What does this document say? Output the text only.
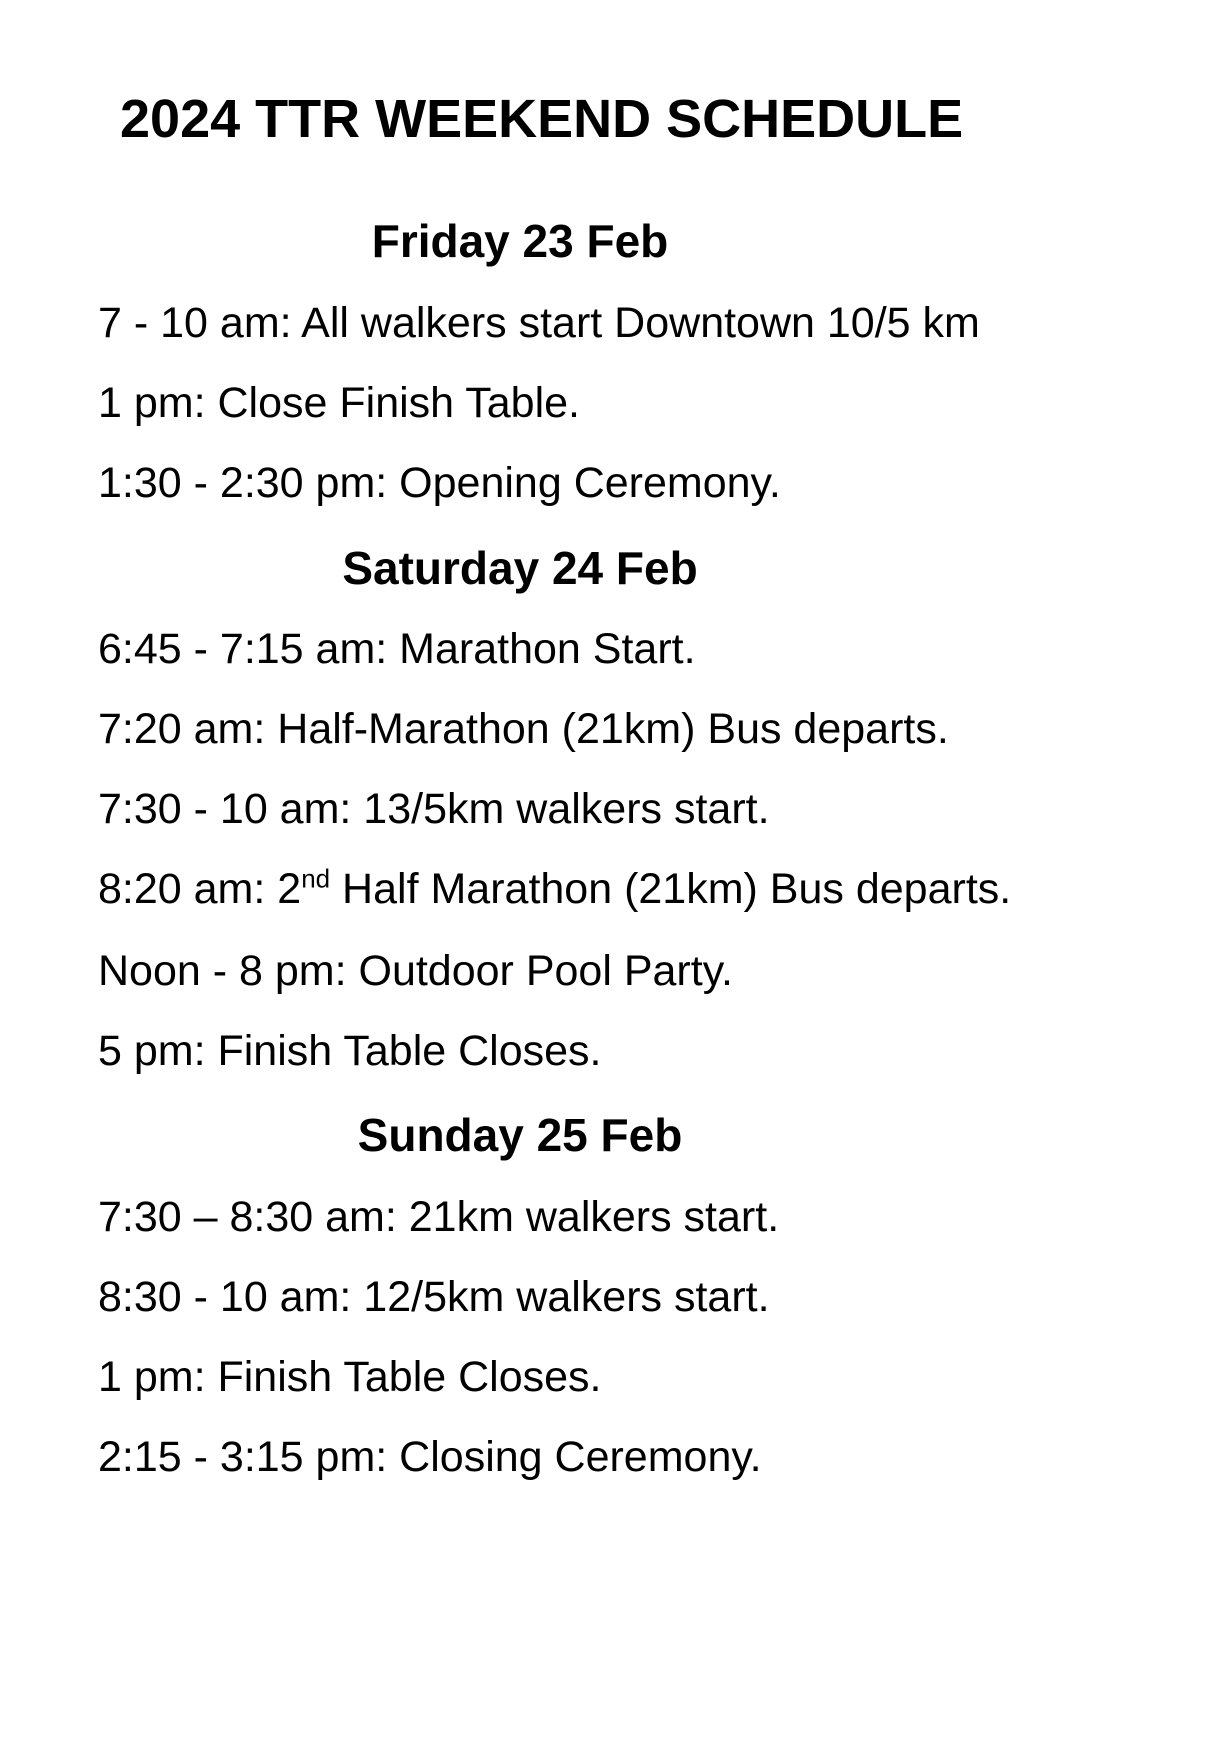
2024 TTR WEEKEND SCHEDULE
Friday 23 Feb
7 - 10 am: All walkers start Downtown 10/5 km
1 pm: Close Finish Table.
1:30 - 2:30 pm: Opening Ceremony.
Saturday 24 Feb
6:45 - 7:15 am: Marathon Start.
7:20 am: Half-Marathon (21km) Bus departs.
7:30 - 10 am: 13/5km walkers start.
8:20 am: 2nd Half Marathon (21km) Bus departs.
Noon - 8 pm: Outdoor Pool Party.
5 pm: Finish Table Closes.
Sunday 25 Feb
7:30 – 8:30 am: 21km walkers start.
8:30 - 10 am: 12/5km walkers start.
1 pm: Finish Table Closes.
2:15 - 3:15 pm: Closing Ceremony.
